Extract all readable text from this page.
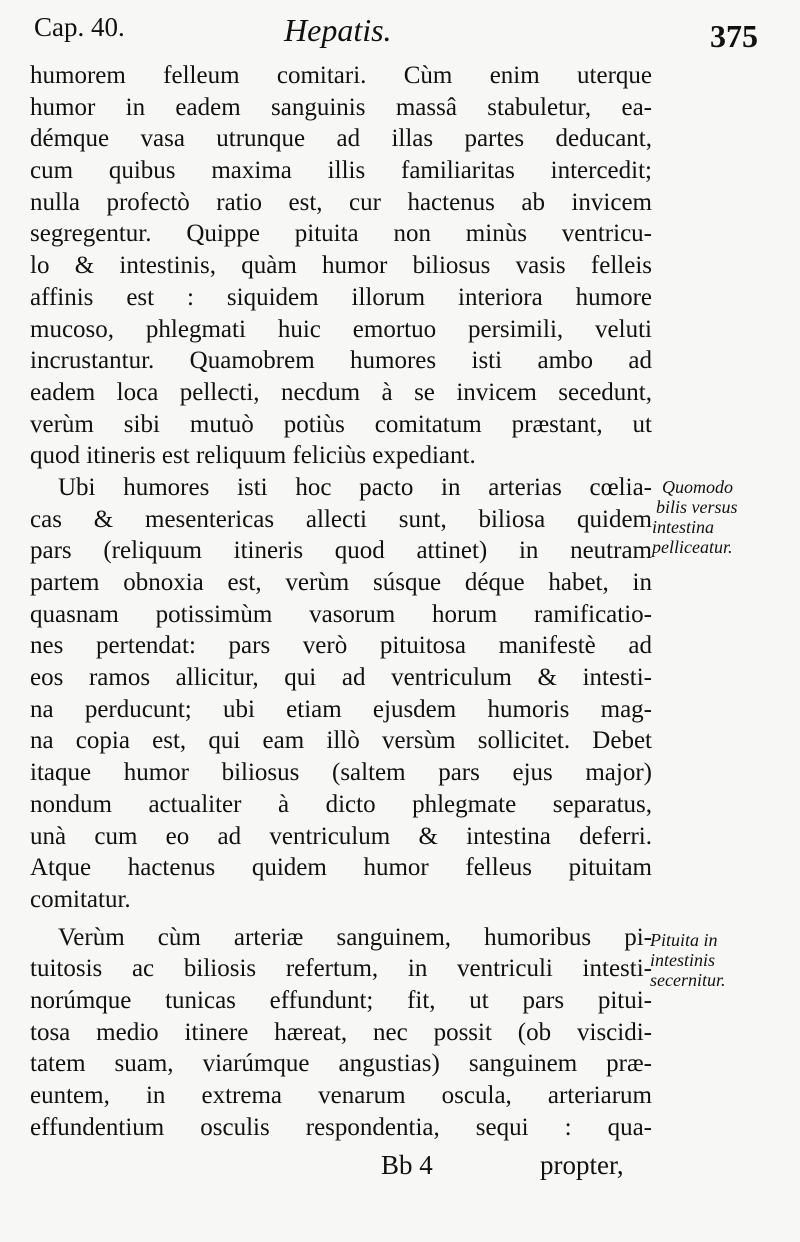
Cap. 40.	Hepatis.	375
humorem felleum comitari. Cùm enim uterque
humor in eadem sanguinis massâ stabuletur, ea-
démque vasa utrunque ad illas partes deducant,
cum quibus maxima illis familiaritas intercedit;
nulla profectò ratio est, cur hactenus ab invicem
segregentur. Quippe pituita non minùs ventricu-
lo & intestinis, quàm humor biliosus vasis felleis
affinis est : siquidem illorum interiora humore
mucoso, phlegmati huic emortuo persimili, veluti
incrustantur. Quamobrem humores isti ambo ad
eadem loca pellecti, necdum à se invicem secedunt,
verùm sibi mutuò potiùs comitatum præstant, ut
quod itineris est reliquum feliciùs expediant.
Ubi humores isti hoc pacto in arterias cœlia-
cas & mesentericas allecti sunt, biliosa quidem
pars (reliquum itineris quod attinet) in neutram
partem obnoxia est, verùm súsque déque habet, in
quasnam potissimùm vasorum horum ramificatio-
nes pertendat: pars verò pituitosa manifestè ad
eos ramos allicitur, qui ad ventriculum & intesti-
na perducunt; ubi etiam ejusdem humoris mag-
na copia est, qui eam illò versùm sollicitet. Debet
itaque humor biliosus (saltem pars ejus major)
nondum actualiter à dicto phlegmate separatus,
unà cum eo ad ventriculum & intestina deferri.
Atque hactenus quidem humor felleus pituitam
comitatur.
Verùm cùm arteriæ sanguinem, humoribus pi-
tuitosis ac biliosis refertum, in ventriculi intesti-
norúmque tunicas effundunt; fit, ut pars pitui-
tosa medio itinere hæreat, nec possit (ob viscidi-
tatem suam, viarúmque angustias) sanguinem præ-
euntem, in extrema venarum oscula, arteriarum
effundentium osculis respondentia, sequi : qua-
Quomodo
bilis versus
intestina
pelliceatur.
Pituita in
intestinis
secernitur.
Bb 4	propter,
